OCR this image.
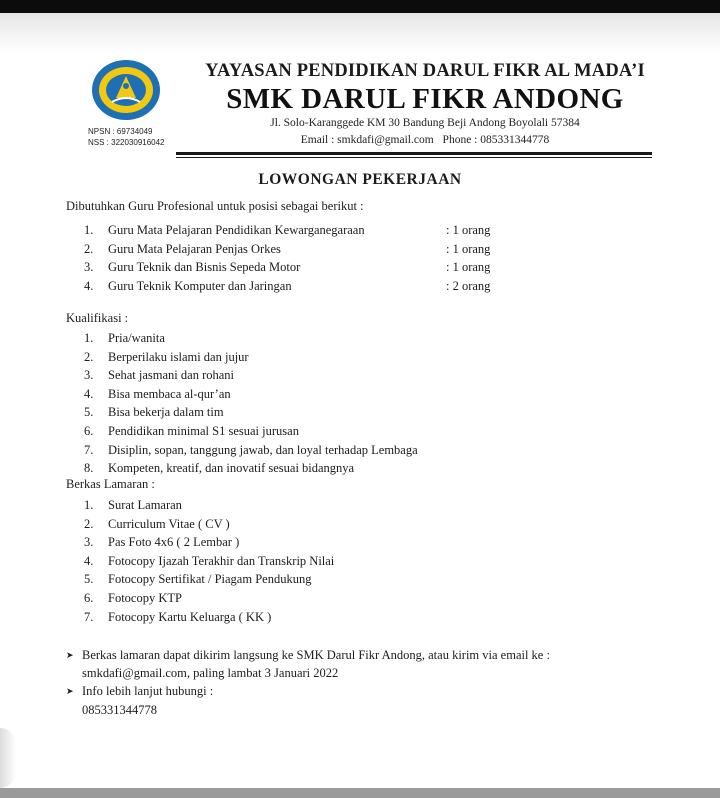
NPSN : 69734049
NSS : 322030916042
YAYASAN PENDIDIKAN DARUL FIKR AL MADA’I
SMK DARUL FIKR ANDONG
Jl. Solo-Karanggede KM 30 Bandung Beji Andong Boyolali 57384
Email : smkdafi@gmail.com Phone : 085331344778
LOWONGAN PEKERJAAN
Dibutuhkan Guru Profesional untuk posisi sebagai berikut :
1. Guru Mata Pelajaran Pendidikan Kewarganegaraan	: 1 orang
2. Guru Mata Pelajaran Penjas Orkes	: 1 orang
3. Guru Teknik dan Bisnis Sepeda Motor	: 1 orang
4. Guru Teknik Komputer dan Jaringan	: 2 orang
Kualifikasi :
1. Pria/wanita
2. Berperilaku islami dan jujur
3. Sehat jasmani dan rohani
4. Bisa membaca al-qur’an
5. Bisa bekerja dalam tim
6. Pendidikan minimal S1 sesuai jurusan
7. Disiplin, sopan, tanggung jawab, dan loyal terhadap Lembaga
8. Kompeten, kreatif, dan inovatif sesuai bidangnya
Berkas Lamaran :
1. Surat Lamaran
2. Curriculum Vitae ( CV )
3. Pas Foto 4x6 ( 2 Lembar )
4. Fotocopy Ijazah Terakhir dan Transkrip Nilai
5. Fotocopy Sertifikat / Piagam Pendukung
6. Fotocopy KTP
7. Fotocopy Kartu Keluarga ( KK )
➤ Berkas lamaran dapat dikirim langsung ke SMK Darul Fikr Andong, atau kirim via email ke :
smkdafi@gmail.com, paling lambat 3 Januari 2022
➤ Info lebih lanjut hubungi :
085331344778
